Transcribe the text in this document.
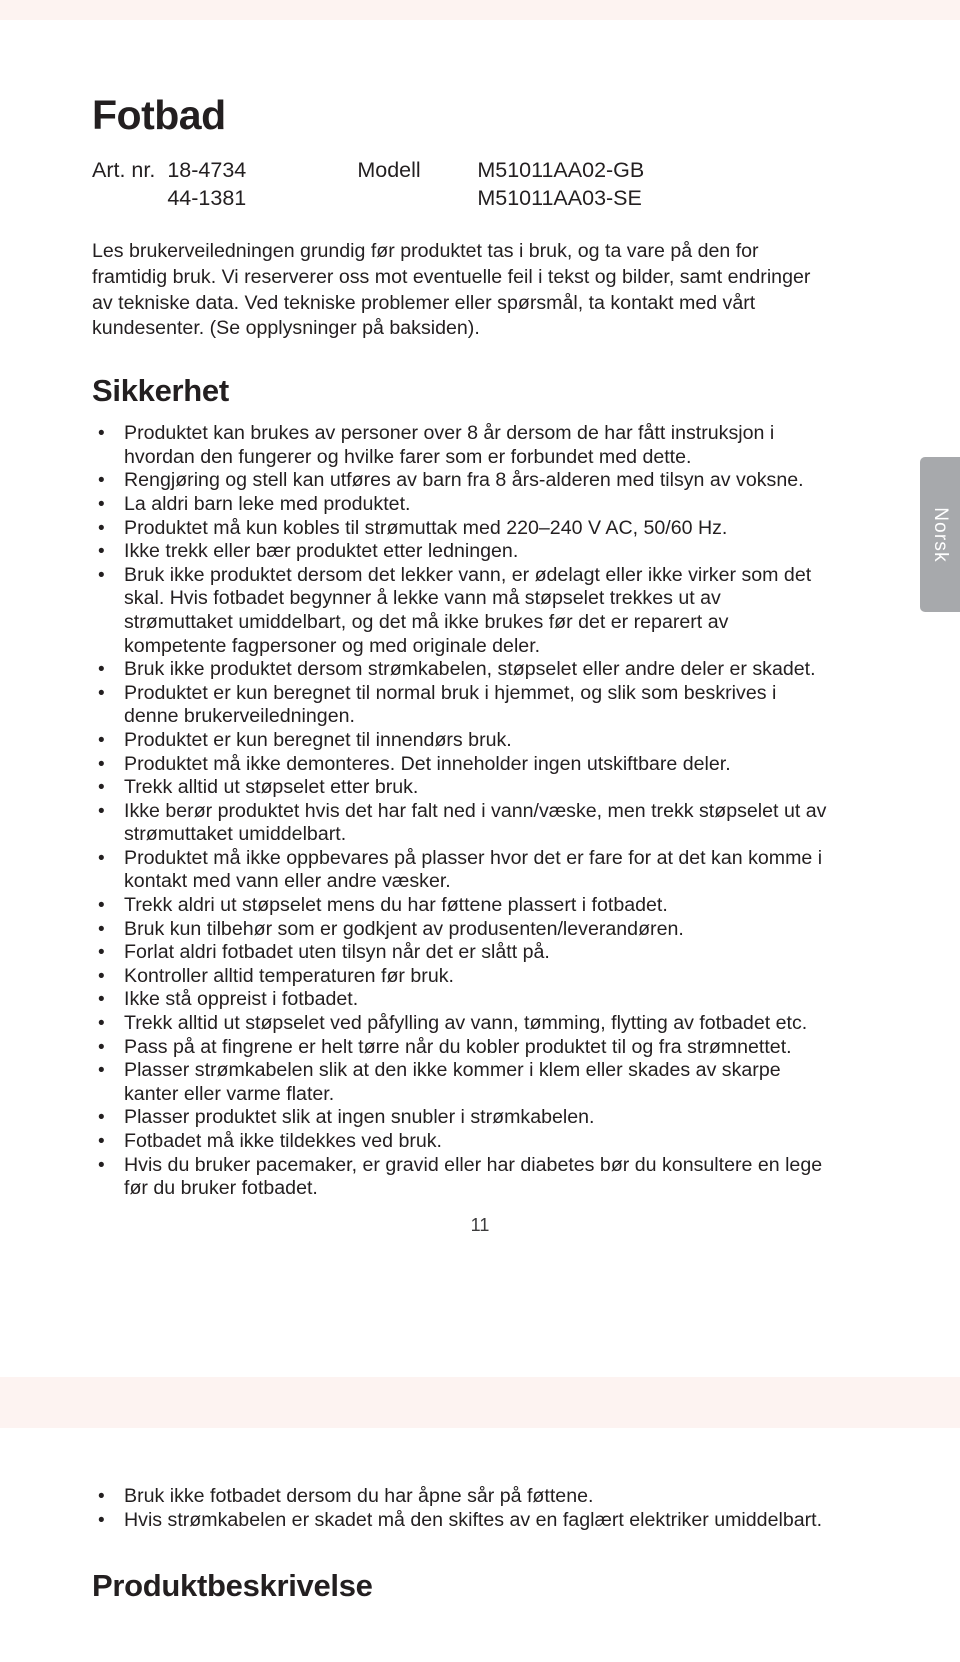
Fotbad
Art. nr.	18-4734	Modell	M51011AA02-GB
	44-1381		M51011AA03-SE

Les brukerveiledningen grundig før produktet tas i bruk, og ta vare på den for framtidig bruk. Vi reserverer oss mot eventuelle feil i tekst og bilder, samt endringer av tekniske data. Ved tekniske problemer eller spørsmål, ta kontakt med vårt kundesenter. (Se opplysninger på baksiden).

Sikkerhet
• Produktet kan brukes av personer over 8 år dersom de har fått instruksjon i hvordan den fungerer og hvilke farer som er forbundet med dette.
• Rengjøring og stell kan utføres av barn fra 8 års-alderen med tilsyn av voksne.
• La aldri barn leke med produktet.
• Produktet må kun kobles til strømuttak med 220–240 V AC, 50/60 Hz.
• Ikke trekk eller bær produktet etter ledningen.
• Bruk ikke produktet dersom det lekker vann, er ødelagt eller ikke virker som det skal. Hvis fotbadet begynner å lekke vann må støpselet trekkes ut av strømuttaket umiddelbart, og det må ikke brukes før det er reparert av kompetente fagpersoner og med originale deler.
• Bruk ikke produktet dersom strømkabelen, støpselet eller andre deler er skadet.
• Produktet er kun beregnet til normal bruk i hjemmet, og slik som beskrives i denne brukerveiledningen.
• Produktet er kun beregnet til innendørs bruk.
• Produktet må ikke demonteres. Det inneholder ingen utskiftbare deler.
• Trekk alltid ut støpselet etter bruk.
• Ikke berør produktet hvis det har falt ned i vann/væske, men trekk støpselet ut av strømuttaket umiddelbart.
• Produktet må ikke oppbevares på plasser hvor det er fare for at det kan komme i kontakt med vann eller andre væsker.
• Trekk aldri ut støpselet mens du har føttene plassert i fotbadet.
• Bruk kun tilbehør som er godkjent av produsenten/leverandøren.
• Forlat aldri fotbadet uten tilsyn når det er slått på.
• Kontroller alltid temperaturen før bruk.
• Ikke stå oppreist i fotbadet.
• Trekk alltid ut støpselet ved påfylling av vann, tømming, flytting av fotbadet etc.
• Pass på at fingrene er helt tørre når du kobler produktet til og fra strømnettet.
• Plasser strømkabelen slik at den ikke kommer i klem eller skades av skarpe kanter eller varme flater.
• Plasser produktet slik at ingen snubler i strømkabelen.
• Fotbadet må ikke tildekkes ved bruk.
• Hvis du bruker pacemaker, er gravid eller har diabetes bør du konsultere en lege før du bruker fotbadet.
11
Norsk
• Bruk ikke fotbadet dersom du har åpne sår på føttene.
• Hvis strømkabelen er skadet må den skiftes av en faglært elektriker umiddelbart.
Produktbeskrivelse
